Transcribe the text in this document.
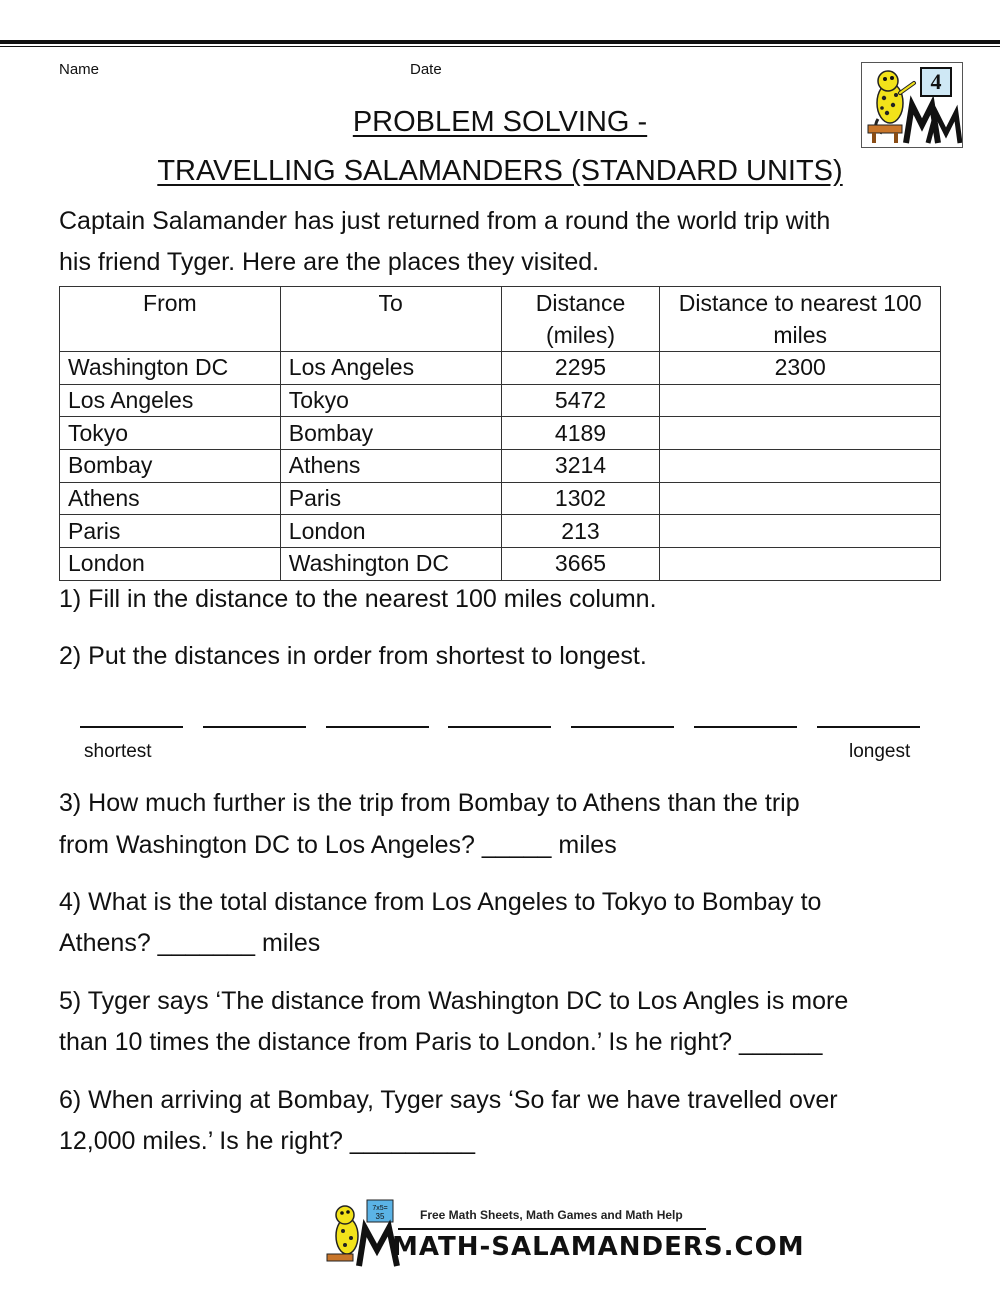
Name	Date	4
PROBLEM SOLVING -
TRAVELLING SALAMANDERS (STANDARD UNITS)
Captain Salamander has just returned from a round the world trip with
his friend Tyger. Here are the places they visited.
From	To	Distance (miles)	Distance to nearest 100 miles
Washington DC	Los Angeles	2295	2300
Los Angeles	Tokyo	5472	
Tokyo	Bombay	4189	
Bombay	Athens	3214	
Athens	Paris	1302	
Paris	London	213	
London	Washington DC	3665	
1) Fill in the distance to the nearest 100 miles column.
2) Put the distances in order from shortest to longest.
shortest	longest
3) How much further is the trip from Bombay to Athens than the trip
from Washington DC to Los Angeles? _____ miles
4) What is the total distance from Los Angeles to Tokyo to Bombay to
Athens? _______ miles
5) Tyger says ‘The distance from Washington DC to Los Angles is more
than 10 times the distance from Paris to London.’ Is he right? ______
6) When arriving at Bombay, Tyger says ‘So far we have travelled over
12,000 miles.’ Is he right? _________
7x5=
35	Free Math Sheets, Math Games and Math Help
MATH-SALAMANDERS.COM
